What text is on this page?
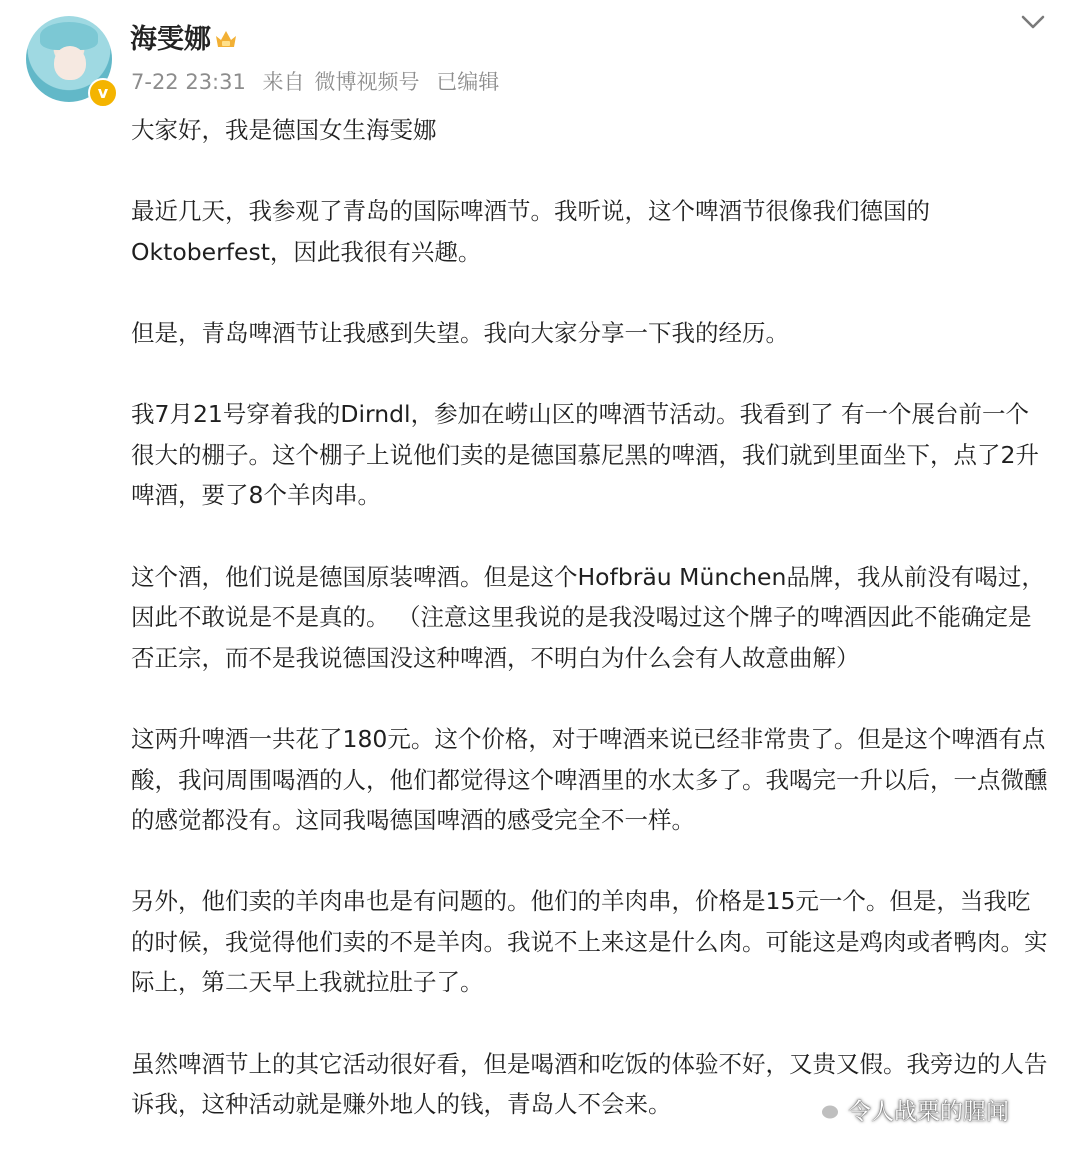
v
海雯娜
7-22 23:31 来自 微博视频号 已编辑

大家好，我是德国女生海雯娜

最近几天，我参观了青岛的国际啤酒节。我听说，这个啤酒节很像我们德国的Oktoberfest，因此我很有兴趣。

但是，青岛啤酒节让我感到失望。我向大家分享一下我的经历。

我7月21号穿着我的Dirndl，参加在崂山区的啤酒节活动。我看到了 有一个展台前一个很大的棚子。这个棚子上说他们卖的是德国慕尼黑的啤酒，我们就到里面坐下，点了2升啤酒，要了8个羊肉串。

这个酒，他们说是德国原装啤酒。但是这个Hofbräu München品牌，我从前没有喝过，因此不敢说是不是真的。 （注意这里我说的是我没喝过这个牌子的啤酒因此不能确定是否正宗，而不是我说德国没这种啤酒，不明白为什么会有人故意曲解）

这两升啤酒一共花了180元。这个价格，对于啤酒来说已经非常贵了。但是这个啤酒有点酸，我问周围喝酒的人，他们都觉得这个啤酒里的水太多了。我喝完一升以后，一点微醺的感觉都没有。这同我喝德国啤酒的感受完全不一样。

另外，他们卖的羊肉串也是有问题的。他们的羊肉串，价格是15元一个。但是，当我吃的时候，我觉得他们卖的不是羊肉。我说不上来这是什么肉。可能这是鸡肉或者鸭肉。实际上，第二天早上我就拉肚子了。

虽然啤酒节上的其它活动很好看，但是喝酒和吃饭的体验不好，又贵又假。我旁边的人告诉我，这种活动就是赚外地人的钱，青岛人不会来。	令人战栗的腥闻
